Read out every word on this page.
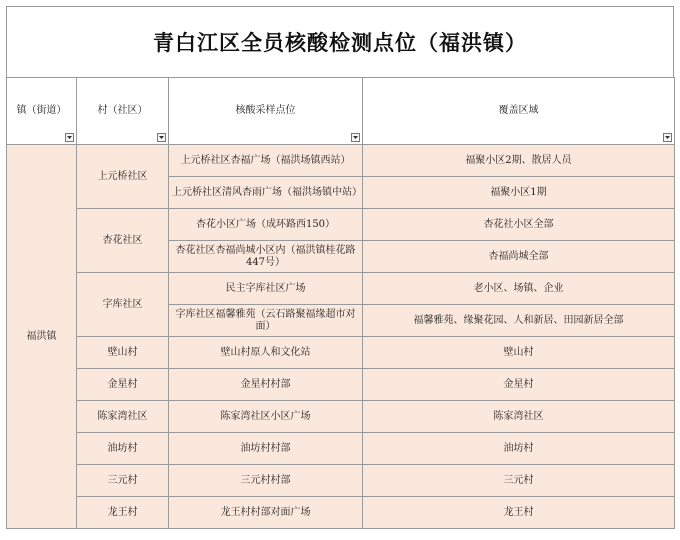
青白江区全员核酸检测点位（福洪镇）
镇（街道）	村（社区）	核酸采样点位	覆盖区域

福洪镇	上元桥社区	上元桥社区杏福广场（福洪场镇西站）	福聚小区2期、散居人员
		上元桥社区清风杏雨广场（福洪场镇中站）	福聚小区1期
	杏花社区	杏花小区广场（成环路西150）	杏花社小区全部
		杏花社区杏福尚城小区内（福洪镇桂花路447号）	杏福尚城全部
	字库社区	民主字库社区广场	老小区、场镇、企业
		字库社区福馨雅苑（云石路聚福缘超市对面）	福馨雅苑、缘聚花园、人和新居、田园新居全部
	壁山村	壁山村原人和文化站	壁山村
	金星村	金星村村部	金星村
	陈家湾社区	陈家湾社区小区广场	陈家湾社区
	油坊村	油坊村村部	油坊村
	三元村	三元村村部	三元村
	龙王村	龙王村村部对面广场	龙王村
